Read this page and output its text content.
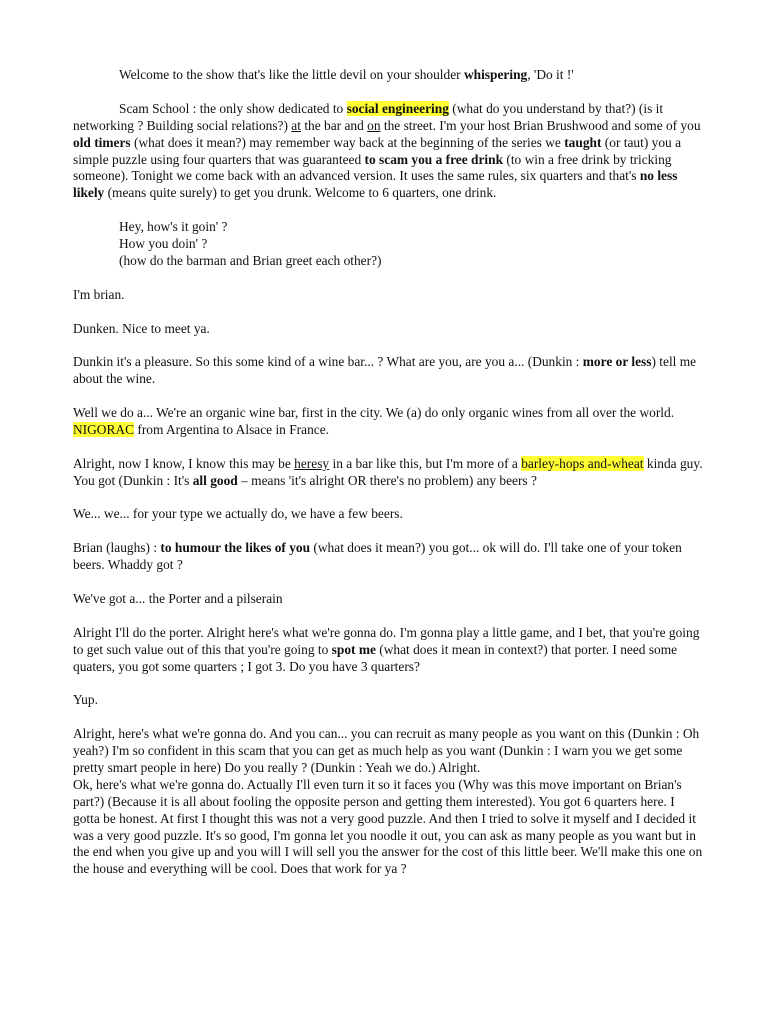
Welcome to the show that's like the little devil on your shoulder whispering, 'Do it !'

Scam School : the only show dedicated to social engineering (what do you understand by that?) (is it networking ? Building social relations?) at the bar and on the street. I'm your host Brian Brushwood and some of you old timers (what does it mean?) may remember way back at the beginning of the series we taught (or taut) you a simple puzzle using four quarters that was guaranteed to scam you a free drink (to win a free drink by tricking someone). Tonight we come back with an advanced version. It uses the same rules, six quarters and that's no less likely (means quite surely) to get you drunk. Welcome to 6 quarters, one drink.

Hey, how's it goin' ?
How you doin' ?
(how do the barman and Brian greet each other?)

I'm brian.

Dunken. Nice to meet ya.

Dunkin it's a pleasure. So this some kind of a wine bar... ? What are you, are you a... (Dunkin : more or less) tell me about the wine.

Well we do a... We're an organic wine bar, first in the city. We (a) do only organic wines from all over the world. NIGORAC from Argentina to Alsace in France.

Alright, now I know, I know this may be heresy in a bar like this, but I'm more of a barley-hops and-wheat kinda guy. You got (Dunkin : It's all good – means 'it's alright OR there's no problem) any beers ?

We... we... for your type we actually do, we have a few beers.

Brian (laughs) : to humour the likes of you (what does it mean?) you got... ok will do. I'll take one of your token beers. Whaddy got ?

We've got a... the Porter and a pilserain

Alright I'll do the porter. Alright here's what we're gonna do. I'm gonna play a little game, and I bet, that you're going to get such value out of this that you're going to spot me (what does it mean in context?) that porter. I need some quaters, you got some quarters ; I got 3. Do you have 3 quarters?

Yup.

Alright, here's what we're gonna do. And you can... you can recruit as many people as you want on this (Dunkin : Oh yeah?) I'm so confident in this scam that you can get as much help as you want (Dunkin : I warn you we get some pretty smart people in here) Do you really ? (Dunkin : Yeah we do.) Alright.

Ok, here's what we're gonna do. Actually I'll even turn it so it faces you (Why was this move important on Brian's part?) (Because it is all about fooling the opposite person and getting them interested). You got 6 quarters here. I gotta be honest. At first I thought this was not a very good puzzle. And then I tried to solve it myself and I decided it was a very good puzzle. It's so good, I'm gonna let you noodle it out, you can ask as many people as you want but in the end when you give up and you will I will sell you the answer for the cost of this little beer. We'll make this one on the house and everything will be cool. Does that work for ya ?
